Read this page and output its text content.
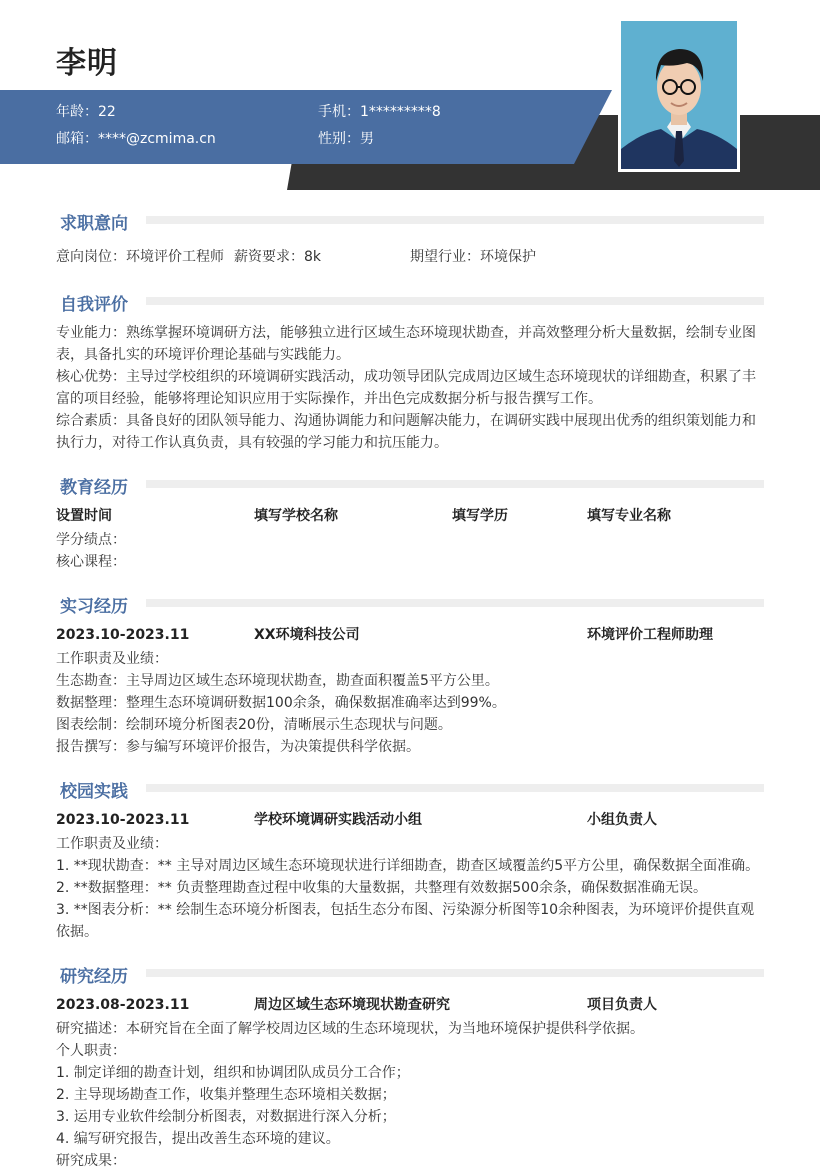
李明
年龄：22	手机：1*********8
邮箱：****@zcmima.cn	性别：男
求职意向
意向岗位：环境评价工程师 薪资要求：8k	期望行业：环境保护
自我评价
专业能力：熟练掌握环境调研方法，能够独立进行区域生态环境现状勘查，并高效整理分析大量数据，绘制专业图表，具备扎实的环境评价理论基础与实践能力。
核心优势：主导过学校组织的环境调研实践活动，成功领导团队完成周边区域生态环境现状的详细勘查，积累了丰富的项目经验，能够将理论知识应用于实际操作，并出色完成数据分析与报告撰写工作。
综合素质：具备良好的团队领导能力、沟通协调能力和问题解决能力，在调研实践中展现出优秀的组织策划能力和执行力，对待工作认真负责，具有较强的学习能力和抗压能力。
教育经历
设置时间	填写学校名称	填写学历	填写专业名称
学分绩点：
核心课程：
实习经历
2023.10-2023.11	XX环境科技公司	环境评价工程师助理
工作职责及业绩：
生态勘查：主导周边区域生态环境现状勘查，勘查面积覆盖5平方公里。
数据整理：整理生态环境调研数据100余条，确保数据准确率达到99%。
图表绘制：绘制环境分析图表20份，清晰展示生态现状与问题。
报告撰写：参与编写环境评价报告，为决策提供科学依据。
校园实践
2023.10-2023.11	学校环境调研实践活动小组	小组负责人
工作职责及业绩：
1. **现状勘查：** 主导对周边区域生态环境现状进行详细勘查，勘查区域覆盖约5平方公里，确保数据全面准确。
2. **数据整理：** 负责整理勘查过程中收集的大量数据，共整理有效数据500余条，确保数据准确无误。
3. **图表分析：** 绘制生态环境分析图表，包括生态分布图、污染源分析图等10余种图表，为环境评价提供直观依据。
研究经历
2023.08-2023.11	周边区域生态环境现状勘查研究	项目负责人
研究描述：本研究旨在全面了解学校周边区域的生态环境现状，为当地环境保护提供科学依据。
个人职责：
1. 制定详细的勘查计划，组织和协调团队成员分工合作；
2. 主导现场勘查工作，收集并整理生态环境相关数据；
3. 运用专业软件绘制分析图表，对数据进行深入分析；
4. 编写研究报告，提出改善生态环境的建议。
研究成果：
